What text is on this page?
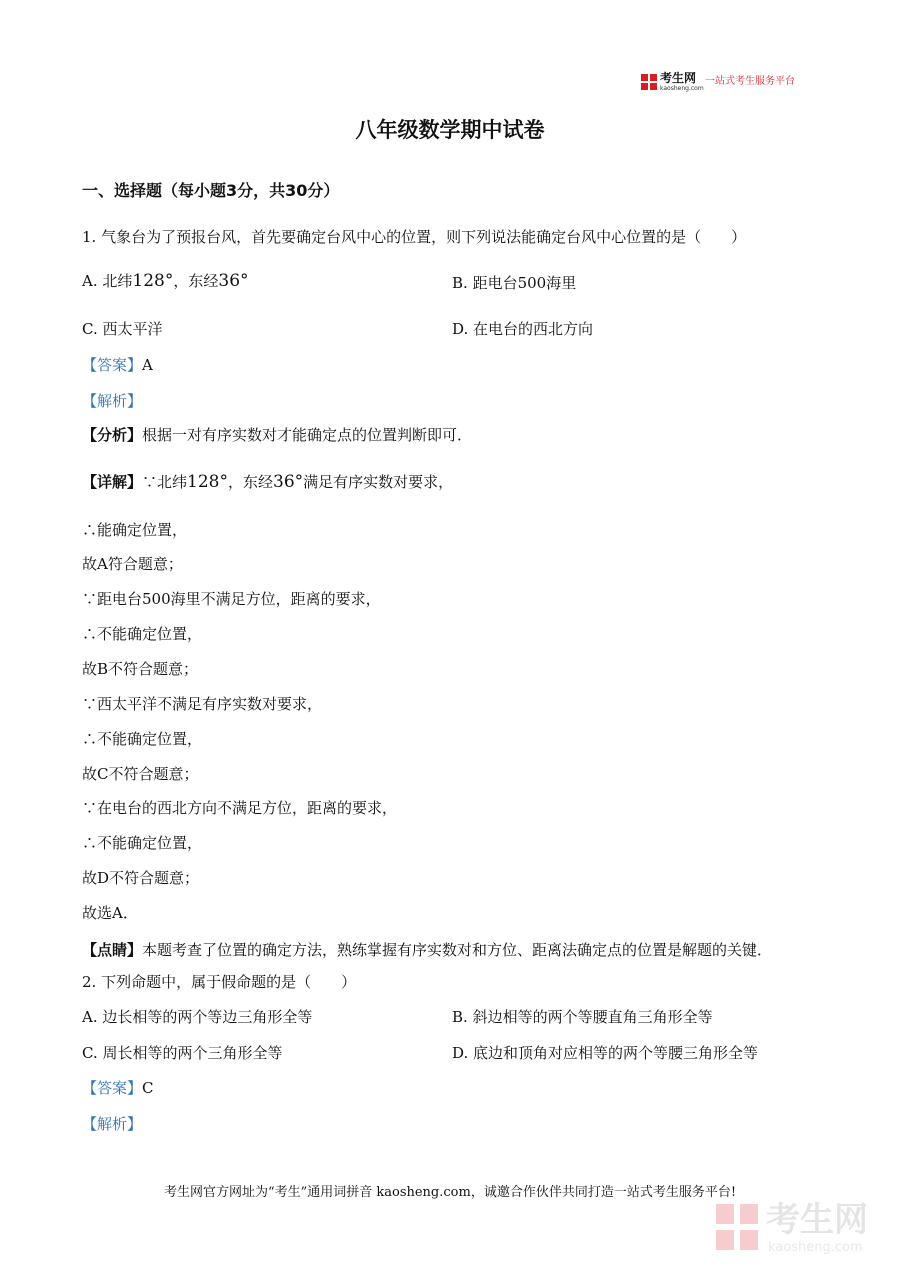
考生网
kaosheng.com
一站式考生服务平台
八年级数学期中试卷
一、选择题（每小题3分，共30分）
1. 气象台为了预报台风，首先要确定台风中心的位置，则下列说法能确定台风中心位置的是（　　）
A. 北纬128°，东经36°	B. 距电台500海里
C. 西太平洋	D. 在电台的西北方向
【答案】A
【解析】
【分析】根据一对有序实数对才能确定点的位置判断即可．
【详解】∵北纬128°，东经36°满足有序实数对要求，
∴能确定位置，
故A符合题意；
∵距电台500海里不满足方位，距离的要求，
∴不能确定位置，
故B不符合题意；
∵西太平洋不满足有序实数对要求，
∴不能确定位置，
故C不符合题意；
∵在电台的西北方向不满足方位，距离的要求，
∴不能确定位置，
故D不符合题意；
故选A．
【点睛】本题考查了位置的确定方法，熟练掌握有序实数对和方位、距离法确定点的位置是解题的关键．
2. 下列命题中，属于假命题的是（　　）
A. 边长相等的两个等边三角形全等	B. 斜边相等的两个等腰直角三角形全等
C. 周长相等的两个三角形全等	D. 底边和顶角对应相等的两个等腰三角形全等
【答案】C
【解析】
考生网官方网址为“考生”通用词拼音 kaosheng.com，诚邀合作伙伴共同打造一站式考生服务平台!
考生网
kaosheng.com
